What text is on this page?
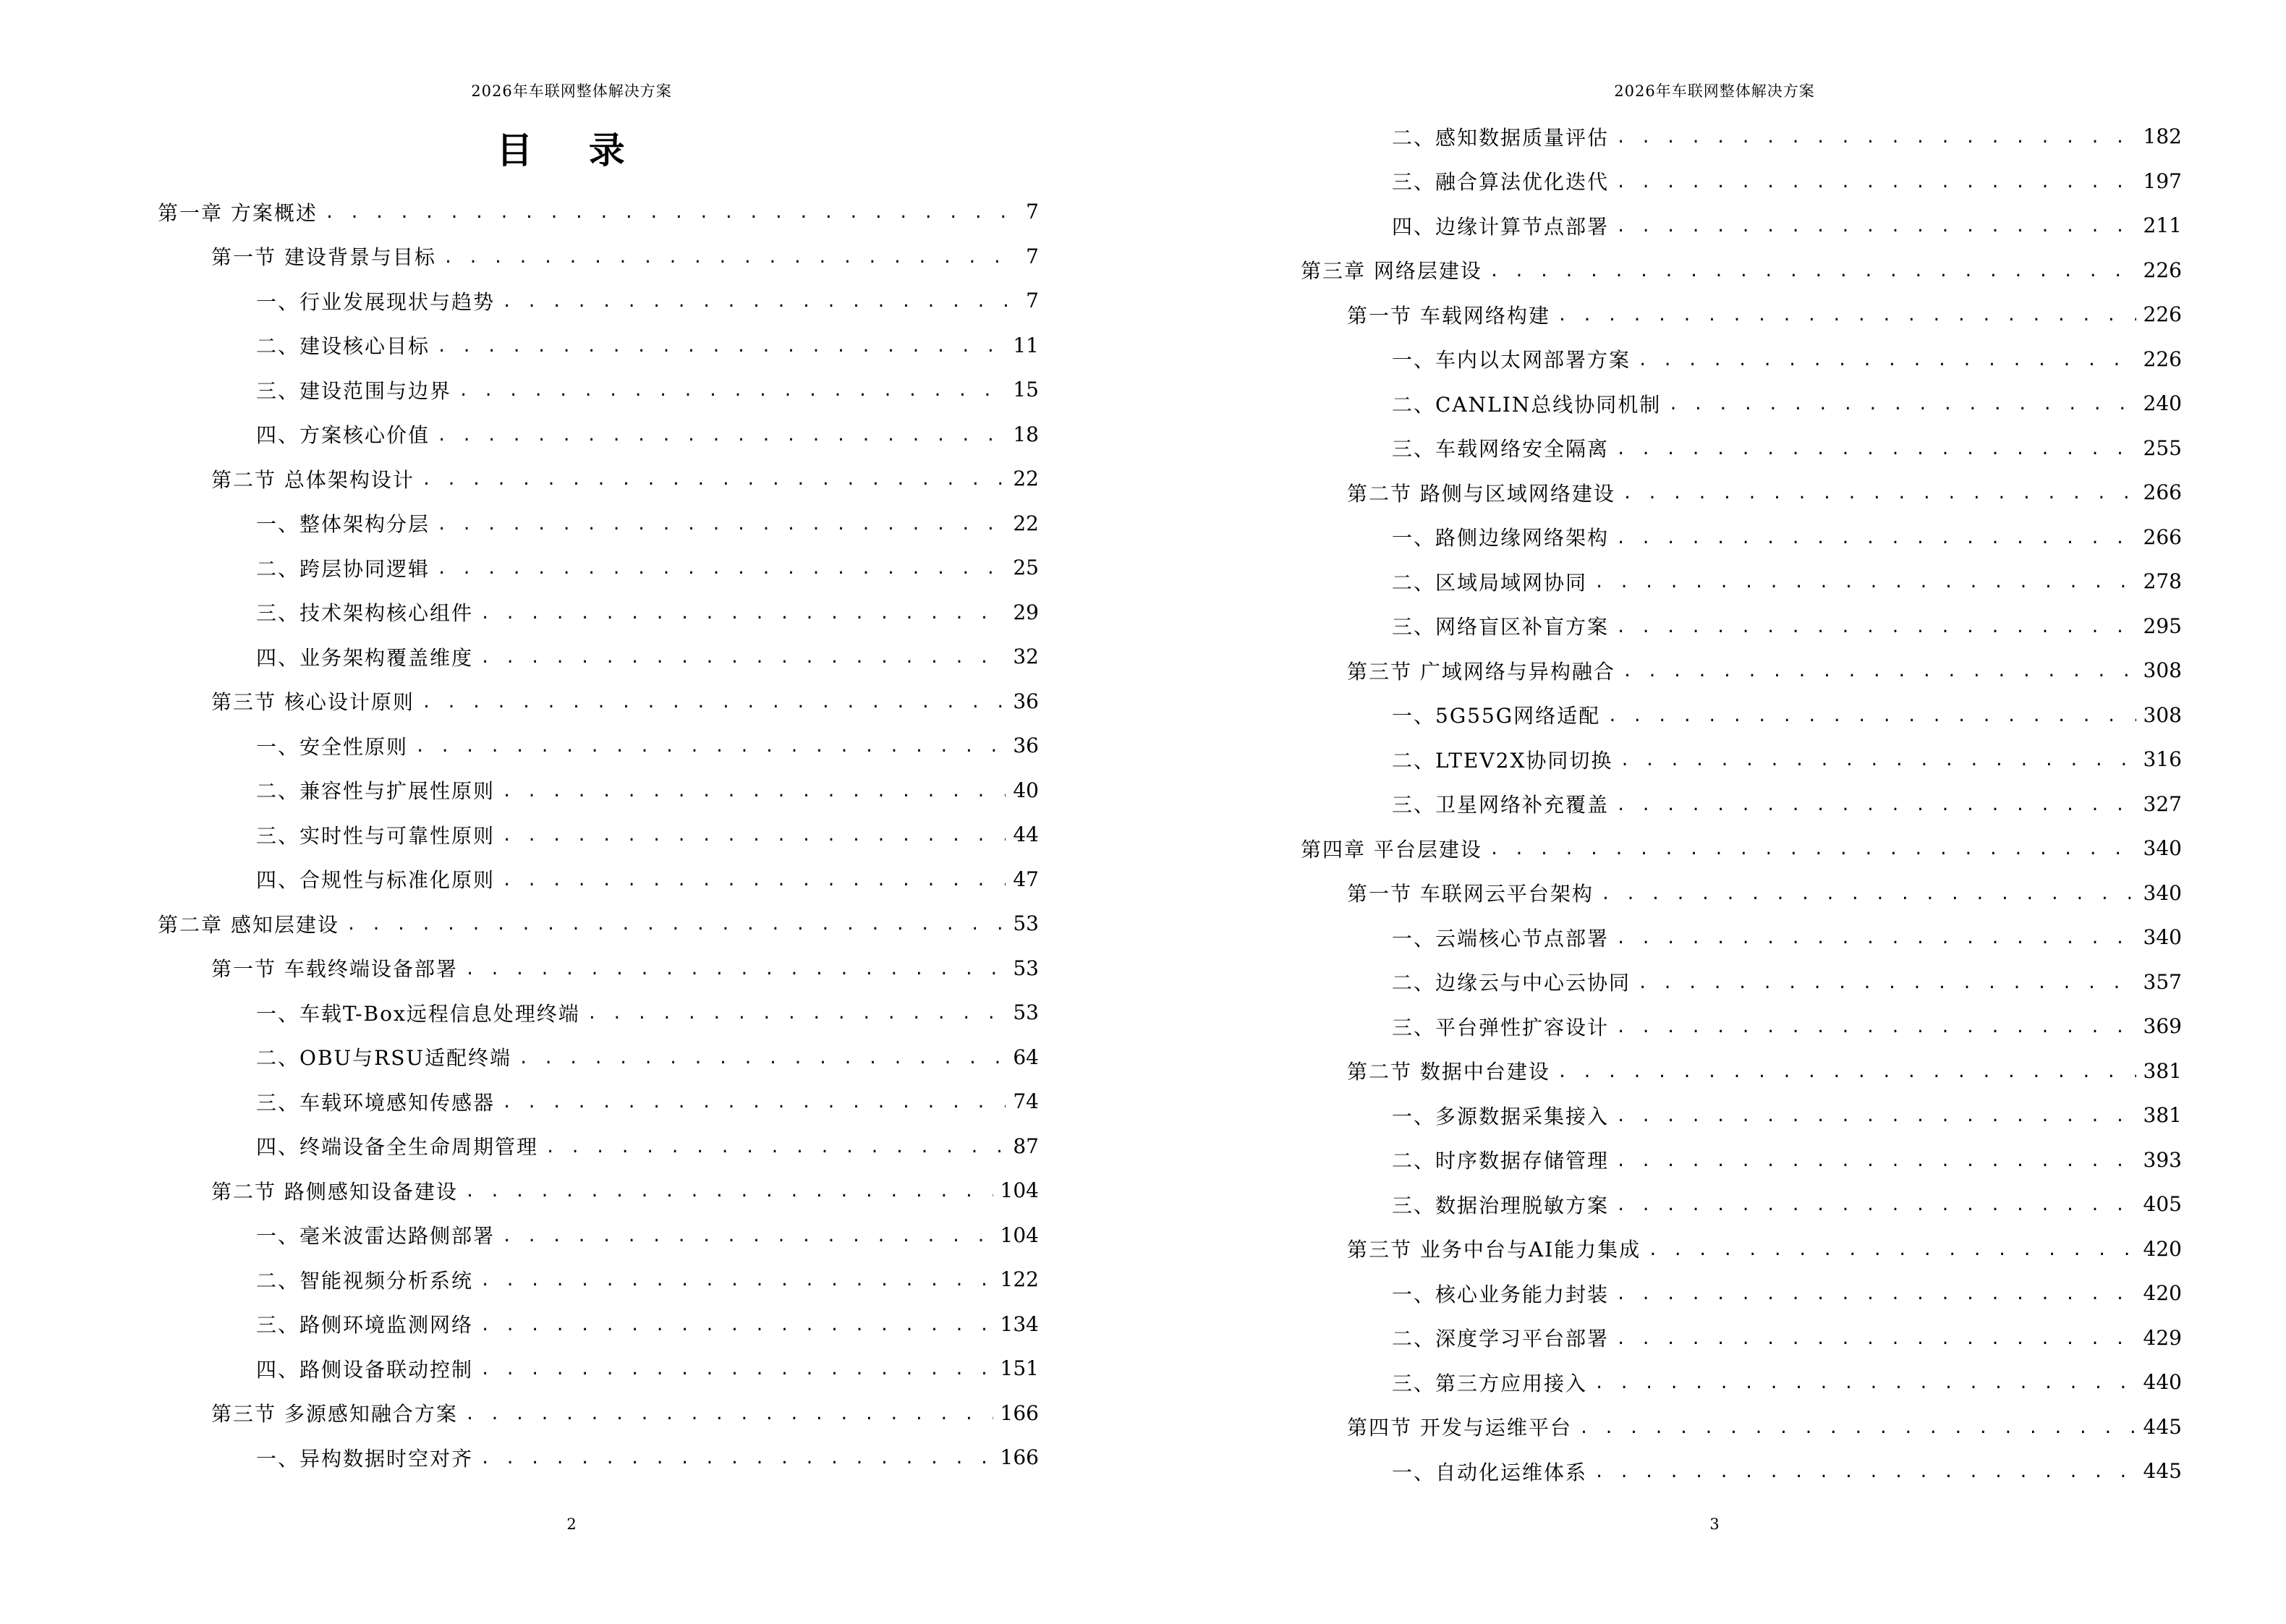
2026年车联网整体解决方案
目 录
第一章 方案概述 . . .	7
第一节 建设背景与目标 . . .	7
一、行业发展现状与趋势 . . .	7
二、建设核心目标 . . .	11
三、建设范围与边界 . . .	15
四、方案核心价值 . . .	18
第二节 总体架构设计 . . .	22
一、整体架构分层 . . .	22
二、跨层协同逻辑 . . .	25
三、技术架构核心组件 . . .	29
四、业务架构覆盖维度 . . .	32
第三节 核心设计原则 . . .	36
一、安全性原则 . . .	36
二、兼容性与扩展性原则 . . .	40
三、实时性与可靠性原则 . . .	44
四、合规性与标准化原则 . . .	47
第二章 感知层建设 . . .	53
第一节 车载终端设备部署 . . .	53
一、车载T-Box远程信息处理终端 . . .	53
二、OBU与RSU适配终端 . . .	64
三、车载环境感知传感器 . . .	74
四、终端设备全生命周期管理 . . .	87
第二节 路侧感知设备建设 . . .	104
一、毫米波雷达路侧部署 . . .	104
二、智能视频分析系统 . . .	122
三、路侧环境监测网络 . . .	134
四、路侧设备联动控制 . . .	151
第三节 多源感知融合方案 . . .	166
一、异构数据时空对齐 . . .	166
2
2026年车联网整体解决方案
二、感知数据质量评估 . . .	182
三、融合算法优化迭代 . . .	197
四、边缘计算节点部署 . . .	211
第三章 网络层建设 . . .	226
第一节 车载网络构建 . . .	226
一、车内以太网部署方案 . . .	226
二、CANLIN总线协同机制 . . .	240
三、车载网络安全隔离 . . .	255
第二节 路侧与区域网络建设 . . .	266
一、路侧边缘网络架构 . . .	266
二、区域局域网协同 . . .	278
三、网络盲区补盲方案 . . .	295
第三节 广域网络与异构融合 . . .	308
一、5G55G网络适配 . . .	308
二、LTEV2X协同切换 . . .	316
三、卫星网络补充覆盖 . . .	327
第四章 平台层建设 . . .	340
第一节 车联网云平台架构 . . .	340
一、云端核心节点部署 . . .	340
二、边缘云与中心云协同 . . .	357
三、平台弹性扩容设计 . . .	369
第二节 数据中台建设 . . .	381
一、多源数据采集接入 . . .	381
二、时序数据存储管理 . . .	393
三、数据治理脱敏方案 . . .	405
第三节 业务中台与AI能力集成 . . .	420
一、核心业务能力封装 . . .	420
二、深度学习平台部署 . . .	429
三、第三方应用接入 . . .	440
第四节 开发与运维平台 . . .	445
一、自动化运维体系 . . .	445
3
